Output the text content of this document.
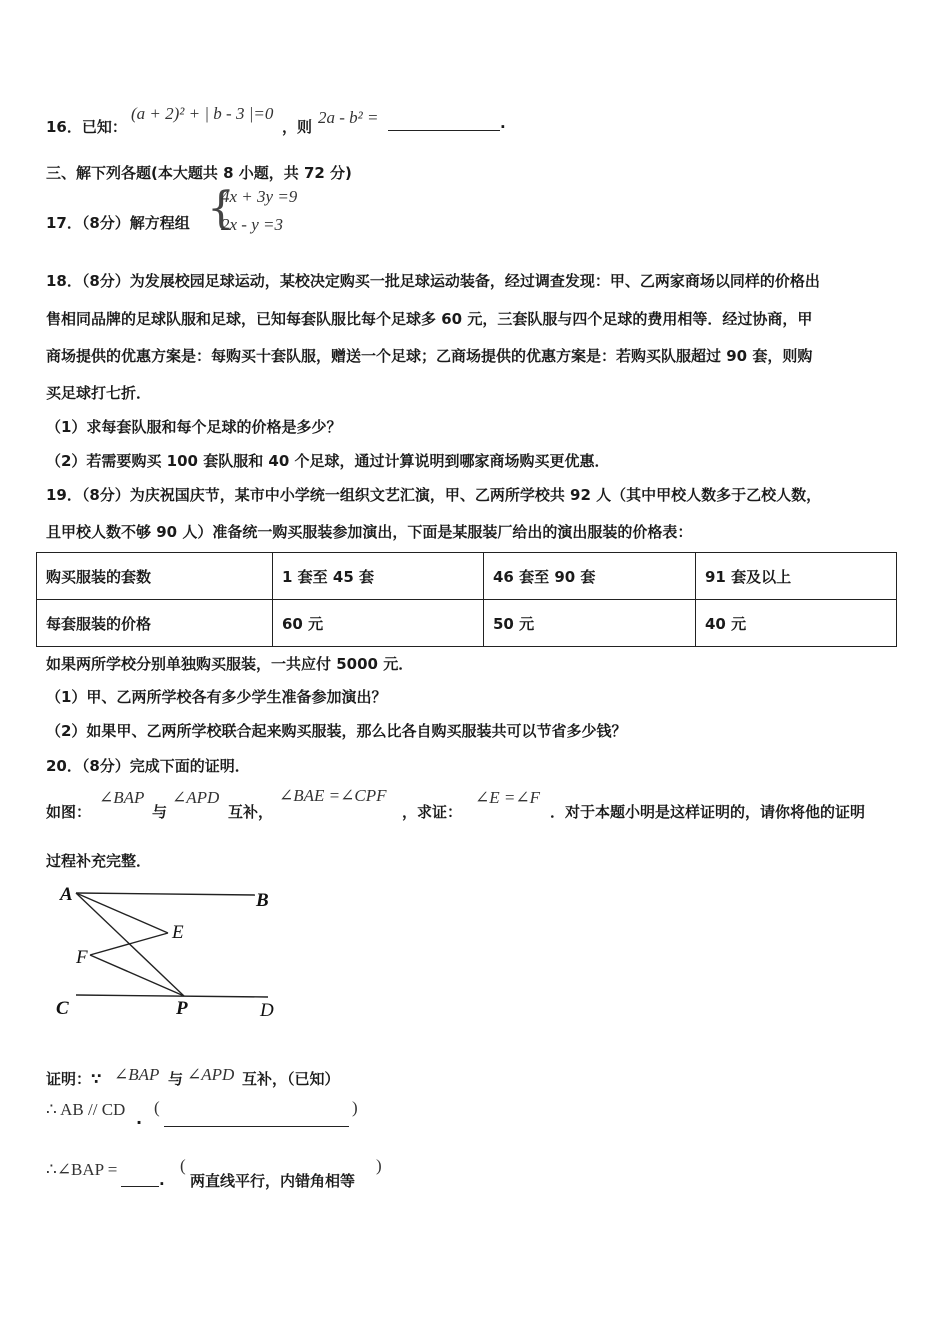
16．已知：
(a + 2)² + | b - 3 |=0
，则 2a - b² =	.
三、解下列各题(本大题共 8 小题，共 72 分)
17．（8分）解方程组 {
4x + 3y =9
2x - y =3
18．（8分）为发展校园足球运动，某校决定购买一批足球运动装备，经过调查发现：甲、乙两家商场以同样的价格出
售相同品牌的足球队服和足球，已知每套队服比每个足球多 60 元，三套队服与四个足球的费用相等．经过协商，甲
商场提供的优惠方案是：每购买十套队服，赠送一个足球；乙商场提供的优惠方案是：若购买队服超过 90 套，则购
买足球打七折．
（1）求每套队服和每个足球的价格是多少？
（2）若需要购买 100 套队服和 40 个足球，通过计算说明到哪家商场购买更优惠．
19．（8分）为庆祝国庆节，某市中小学统一组织文艺汇演，甲、乙两所学校共 92 人（其中甲校人数多于乙校人数，
且甲校人数不够 90 人）准备统一购买服装参加演出，下面是某服装厂给出的演出服装的价格表：
购买服装的套数	1 套至 45 套	46 套至 90 套	91 套及以上
每套服装的价格	60 元	50 元	40 元
如果两所学校分别单独购买服装，一共应付 5000 元．
（1）甲、乙两所学校各有多少学生准备参加演出？
（2）如果甲、乙两所学校联合起来购买服装，那么比各自购买服装共可以节省多少钱？
20．（8分）完成下面的证明．
如图：
∠BAP
与
∠APD
互补，
∠BAE =∠CPF
，求证：
∠E =∠F
．对于本题小明是这样证明的，请你将他的证明
过程补充完整．
A	B
E
F
C	P	D
证明：∵ ∠BAP 与 ∠APD 互补，（已知）
∴ AB // CD .
(	)
∴∠BAP =
.
(
两直线平行，内错角相等
)
